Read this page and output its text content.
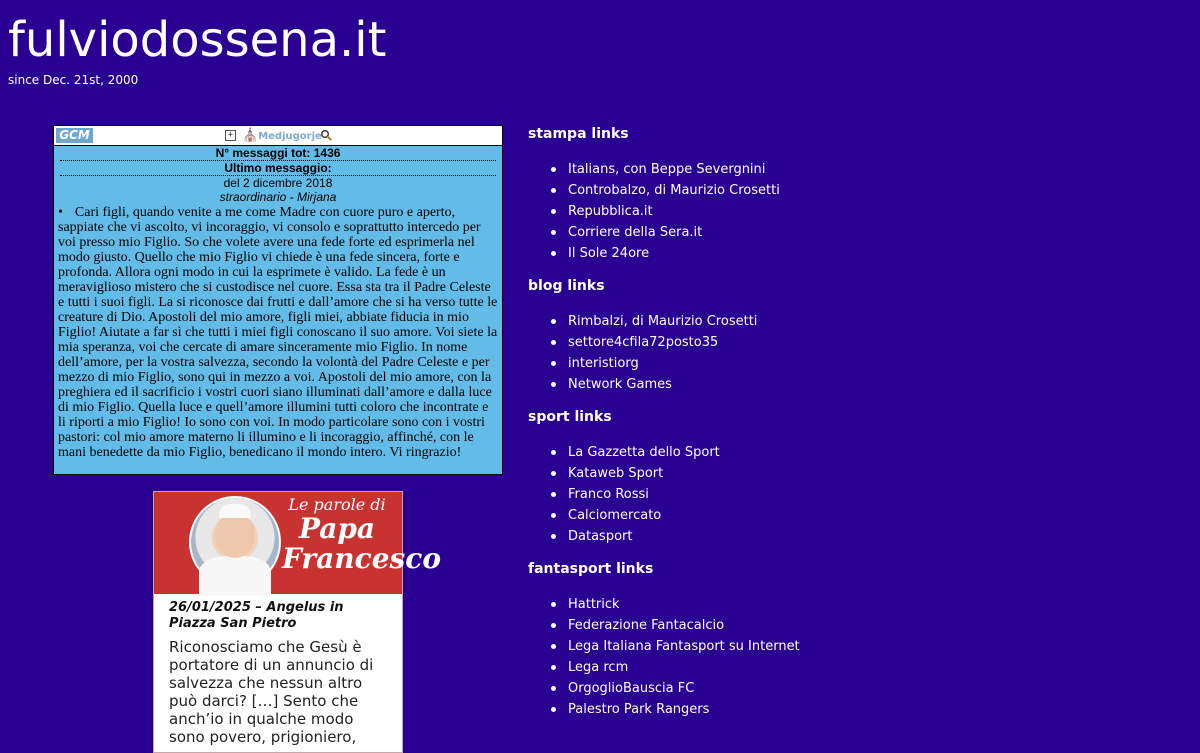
fulviodossena.it
since Dec. 21st, 2000
GCM	+ ⛪Medjugorje
N° messaggi tot: 1436
Ultimo messaggio:
del 2 dicembre 2018
straordinario - Mirjana
• Cari figli, quando venite a me come Madre con cuore puro e aperto, sappiate che vi ascolto, vi incoraggio, vi consolo e soprattutto intercedo per voi presso mio Figlio. So che volete avere una fede forte ed esprimerla nel modo giusto. Quello che mio Figlio vi chiede è una fede sincera, forte e profonda. Allora ogni modo in cui la esprimete è valido. La fede è un meraviglioso mistero che si custodisce nel cuore. Essa sta tra il Padre Celeste e tutti i suoi figli. La si riconosce dai frutti e dall’amore che si ha verso tutte le creature di Dio. Apostoli del mio amore, figli miei, abbiate fiducia in mio Figlio! Aiutate a far sì che tutti i miei figli conoscano il suo amore. Voi siete la mia speranza, voi che cercate di amare sinceramente mio Figlio. In nome dell’amore, per la vostra salvezza, secondo la volontà del Padre Celeste e per mezzo di mio Figlio, sono qui in mezzo a voi. Apostoli del mio amore, con la preghiera ed il sacrificio i vostri cuori siano illuminati dall’amore e dalla luce di mio Figlio. Quella luce e quell’amore illumini tutti coloro che incontrate e li riporti a mio Figlio! Io sono con voi. In modo particolare sono con i vostri pastori: col mio amore materno li illumino e li incoraggio, affinché, con le mani benedette da mio Figlio, benedicano il mondo intero. Vi ringrazio!
Le parole di
Papa
Francesco
26/01/2025 – Angelus in Piazza San Pietro
Riconosciamo che Gesù è portatore di un annuncio di salvezza che nessun altro può darci? […] Sento che anch’io in qualche modo sono povero, prigioniero,
stampa links
Italians, con Beppe Severgnini
Controbalzo, di Maurizio Crosetti
Repubblica.it
Corriere della Sera.it
Il Sole 24ore
blog links
Rimbalzi, di Maurizio Crosetti
settore4cfila72posto35
interistiorg
Network Games
sport links
La Gazzetta dello Sport
Kataweb Sport
Franco Rossi
Calciomercato
Datasport
fantasport links
Hattrick
Federazione Fantacalcio
Lega Italiana Fantasport su Internet
Lega rcm
OrgoglioBauscia FC
Palestro Park Rangers
